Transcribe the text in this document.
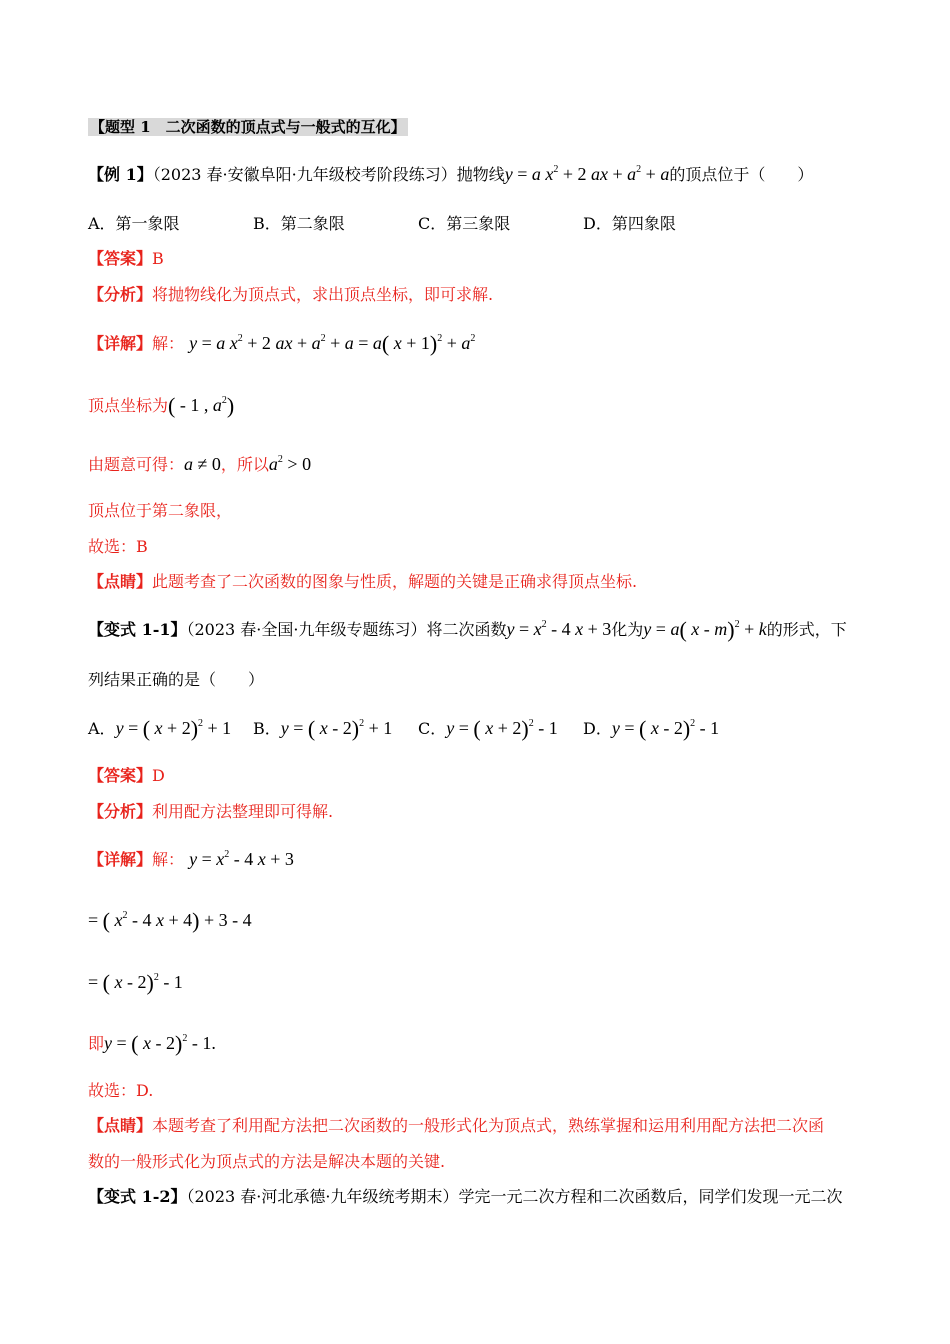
【题型 1　二次函数的顶点式与一般式的互化】
【例 1】（2023 春·安徽阜阳·九年级校考阶段练习）抛物线y = a $x^2 + 2$ ax + $a^2 + a$的顶点位于（　　）
A．第一象限	B．第二象限	C．第三象限	D．第四象限
【答案】B
【分析】将抛物线化为顶点式，求出顶点坐标，即可求解.
【详解】解： y = a $x^2 + 2$ ax + $a^2 + a = a$( $x + 1)^2 + a^2$
顶点坐标为( - 1 , $a^2$)
由题意可得：a ≠ 0，所以$a^2 > 0$
顶点位于第二象限，
故选：B
【点睛】此题考查了二次函数的图象与性质，解题的关键是正确求得顶点坐标.
【变式 1-1】（2023 春·全国·九年级专题练习）将二次函数$y = x^2 - 4$ x + 3化为y = a( x - m)$^2$ + k的形式，下
列结果正确的是（　　）
A．y = ( x + 2)$^2$ + 1 B．y = ( x - 2)$^2$ + 1 C．y = ( x + 2)$^2$ - 1 D．y = ( x - 2)$^2$ - 1
【答案】D
【分析】利用配方法整理即可得解.
【详解】解： $y = x^2 - 4$ x + 3
= ( $x^2 - 4$ x + 4) + 3 - 4
= ( x - 2)$^2$ - 1
即y = ( x - 2)$^2$ - 1.
故选：D.
【点睛】本题考查了利用配方法把二次函数的一般形式化为顶点式，熟练掌握和运用利用配方法把二次函
数的一般形式化为顶点式的方法是解决本题的关键.
【变式 1-2】（2023 春·河北承德·九年级统考期末）学完一元二次方程和二次函数后，同学们发现一元二次
